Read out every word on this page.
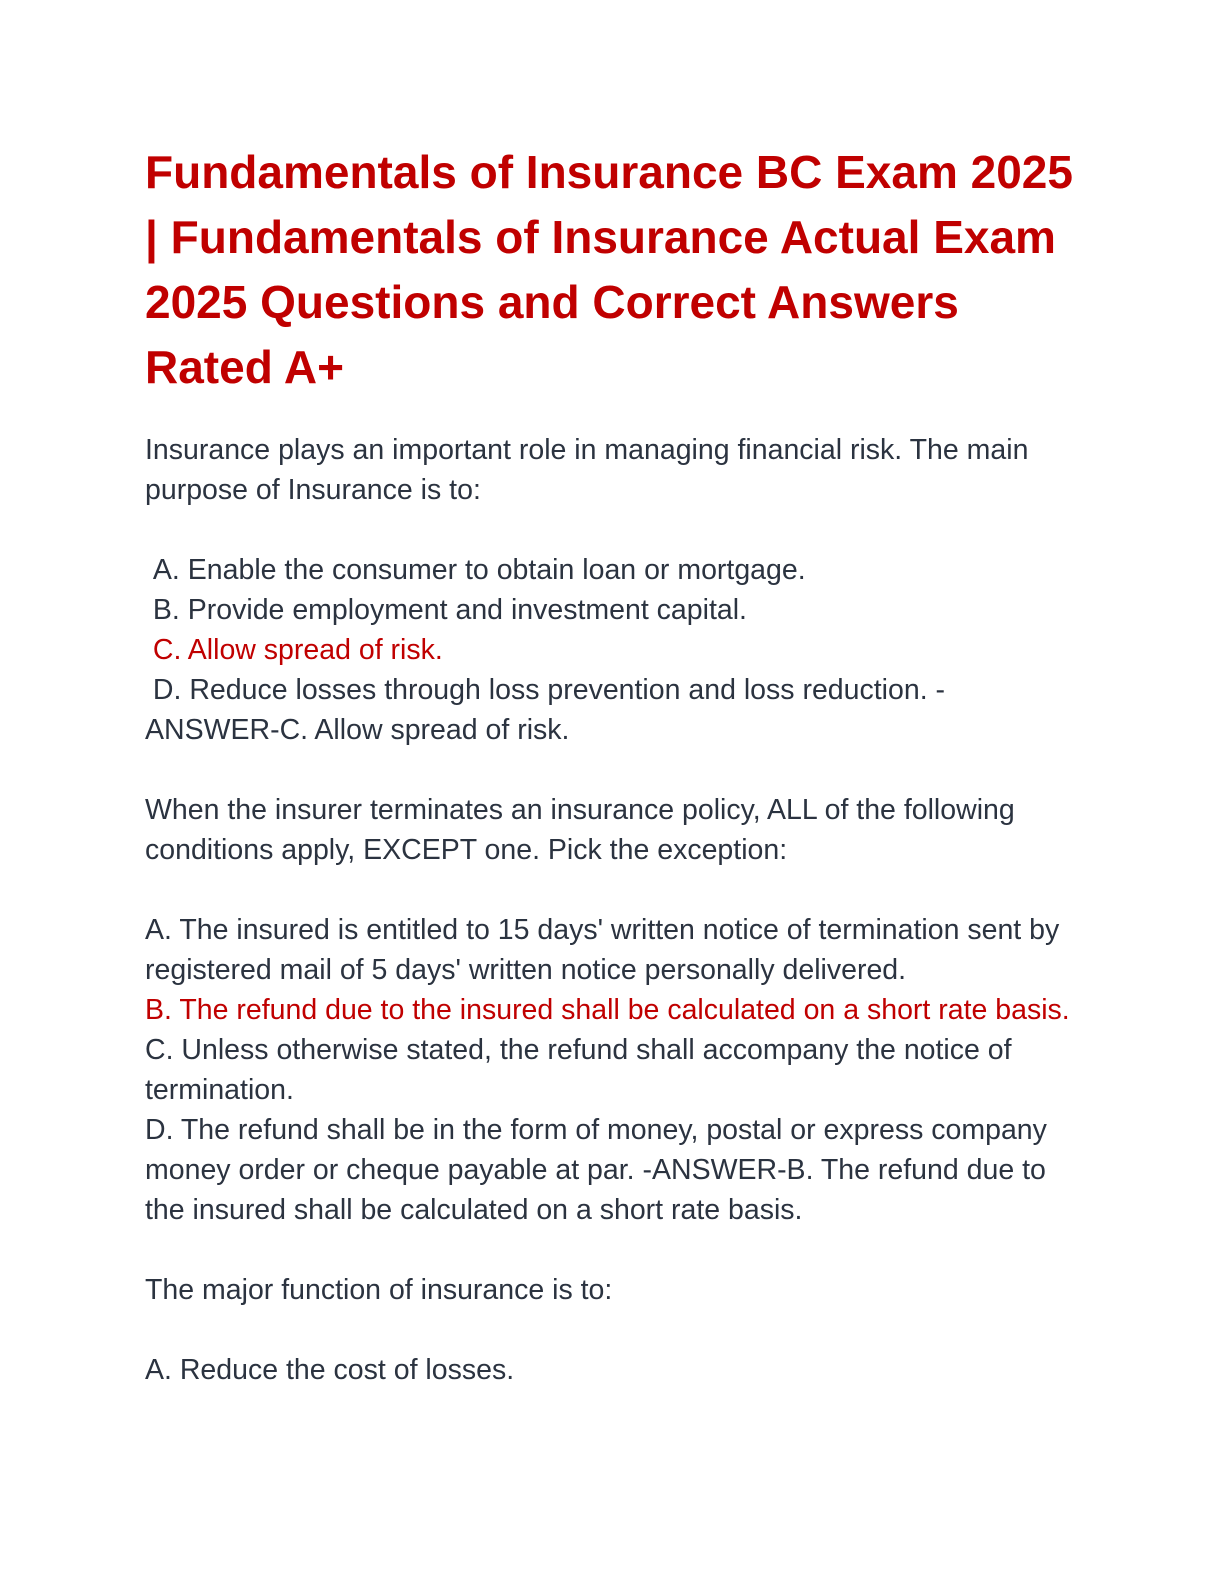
Fundamentals of Insurance BC Exam 2025 | Fundamentals of Insurance Actual Exam 2025 Questions and Correct Answers Rated A+

Insurance plays an important role in managing financial risk. The main purpose of Insurance is to:

A. Enable the consumer to obtain loan or mortgage.

B. Provide employment and investment capital.

C. Allow spread of risk.

D. Reduce losses through loss prevention and loss reduction. - ANSWER-C. Allow spread of risk.

When the insurer terminates an insurance policy, ALL of the following conditions apply, EXCEPT one. Pick the exception:

A. The insured is entitled to 15 days' written notice of termination sent by registered mail of 5 days' written notice personally delivered.

B. The refund due to the insured shall be calculated on a short rate basis.

C. Unless otherwise stated, the refund shall accompany the notice of termination.

D. The refund shall be in the form of money, postal or express company money order or cheque payable at par. -ANSWER-B. The refund due to the insured shall be calculated on a short rate basis.

The major function of insurance is to:

A. Reduce the cost of losses.
